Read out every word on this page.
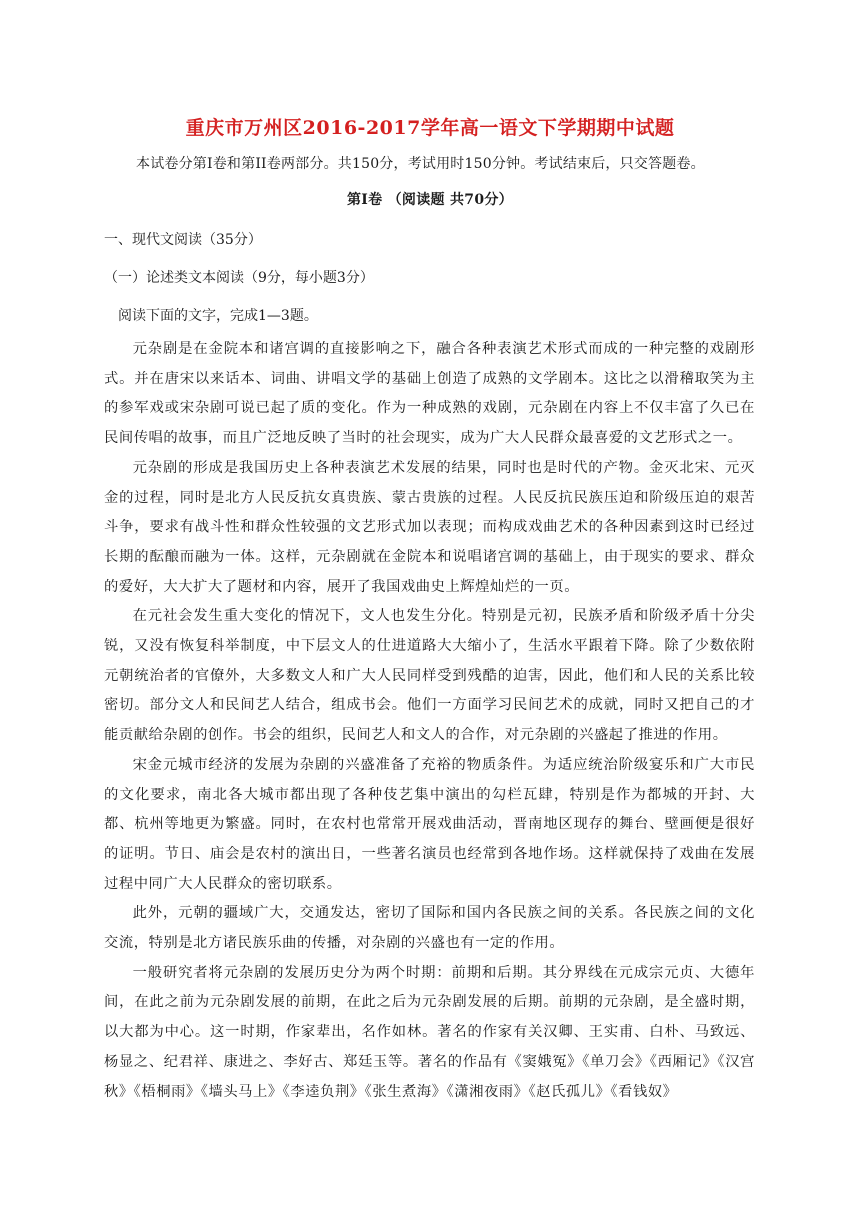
重庆市万州区2016-2017学年高一语文下学期期中试题
本试卷分第Ⅰ卷和第II卷两部分。共150分，考试用时150分钟。考试结束后，只交答题卷。
第Ⅰ卷 （阅读题 共70分）
一、现代文阅读（35分）
（一）论述类文本阅读（9分，每小题3分）
阅读下面的文字，完成1—3题。

元杂剧是在金院本和诸宫调的直接影响之下，融合各种表演艺术形式而成的一种完整的戏剧形式。并在唐宋以来话本、词曲、讲唱文学的基础上创造了成熟的文学剧本。这比之以滑稽取笑为主的参军戏或宋杂剧可说已起了质的变化。作为一种成熟的戏剧，元杂剧在内容上不仅丰富了久已在民间传唱的故事，而且广泛地反映了当时的社会现实，成为广大人民群众最喜爱的文艺形式之一。

元杂剧的形成是我国历史上各种表演艺术发展的结果，同时也是时代的产物。金灭北宋、元灭金的过程，同时是北方人民反抗女真贵族、蒙古贵族的过程。人民反抗民族压迫和阶级压迫的艰苦斗争，要求有战斗性和群众性较强的文艺形式加以表现；而构成戏曲艺术的各种因素到这时已经过长期的酝酿而融为一体。这样，元杂剧就在金院本和说唱诸宫调的基础上，由于现实的要求、群众的爱好，大大扩大了题材和内容，展开了我国戏曲史上辉煌灿烂的一页。

在元社会发生重大变化的情况下，文人也发生分化。特别是元初，民族矛盾和阶级矛盾十分尖锐，又没有恢复科举制度，中下层文人的仕进道路大大缩小了，生活水平跟着下降。除了少数依附元朝统治者的官僚外，大多数文人和广大人民同样受到残酷的迫害，因此，他们和人民的关系比较密切。部分文人和民间艺人结合，组成书会。他们一方面学习民间艺术的成就，同时又把自己的才能贡献给杂剧的创作。书会的组织，民间艺人和文人的合作，对元杂剧的兴盛起了推进的作用。

宋金元城市经济的发展为杂剧的兴盛准备了充裕的物质条件。为适应统治阶级宴乐和广大市民的文化要求，南北各大城市都出现了各种伎艺集中演出的勾栏瓦肆，特别是作为都城的开封、大都、杭州等地更为繁盛。同时，在农村也常常开展戏曲活动，晋南地区现存的舞台、壁画便是很好的证明。节日、庙会是农村的演出日，一些著名演员也经常到各地作场。这样就保持了戏曲在发展过程中同广大人民群众的密切联系。

此外，元朝的疆域广大，交通发达，密切了国际和国内各民族之间的关系。各民族之间的文化交流，特别是北方诸民族乐曲的传播，对杂剧的兴盛也有一定的作用。

一般研究者将元杂剧的发展历史分为两个时期：前期和后期。其分界线在元成宗元贞、大德年间，在此之前为元杂剧发展的前期，在此之后为元杂剧发展的后期。前期的元杂剧，是全盛时期，以大都为中心。这一时期，作家辈出，名作如林。著名的作家有关汉卿、王实甫、白朴、马致远、杨显之、纪君祥、康进之、李好古、郑廷玉等。著名的作品有《窦娥冤》《单刀会》《西厢记》《汉宫秋》《梧桐雨》《墙头马上》《李逵负荆》《张生煮海》《潇湘夜雨》《赵氏孤儿》《看钱奴》
